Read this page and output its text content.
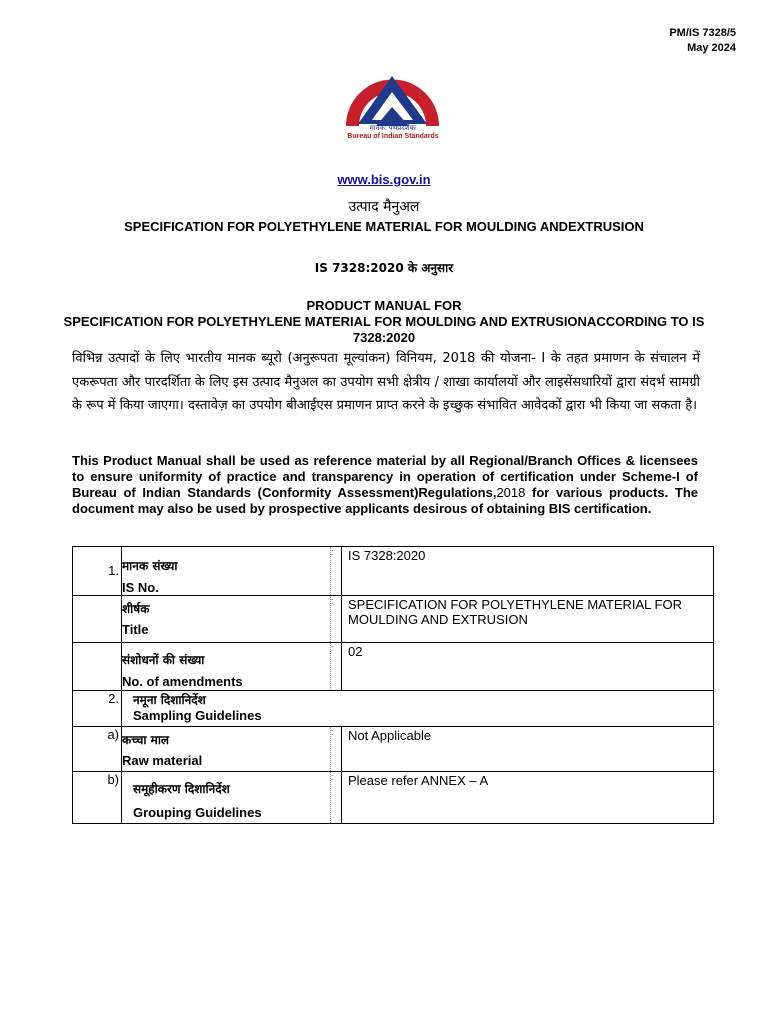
PM/IS 7328/5
May 2024
मानक: पथप्रदर्शकः
Bureau of Indian Standards
www.bis.gov.in
उत्पाद मैनुअल
SPECIFICATION FOR POLYETHYLENE MATERIAL FOR MOULDING ANDEXTRUSION
IS 7328:2020 के अनुसार
PRODUCT MANUAL FOR
SPECIFICATION FOR POLYETHYLENE MATERIAL FOR MOULDING AND EXTRUSIONACCORDING TO IS 7328:2020
विभिन्न उत्पादों के लिए भारतीय मानक ब्यूरो (अनुरूपता मूल्यांकन) विनियम, 2018 की योजना- I के तहत प्रमाणन के संचालन में एकरूपता और पारदर्शिता के लिए इस उत्पाद मैनुअल का उपयोग सभी क्षेत्रीय / शाखा कार्यालयों और लाइसेंसधारियों द्वारा संदर्भ सामग्री के रूप में किया जाएगा। दस्तावेज़ का उपयोग बीआईएस प्रमाणन प्राप्त करने के इच्छुक संभावित आवेदकों द्वारा भी किया जा सकता है।
This Product Manual shall be used as reference material by all Regional/Branch Offices & licensees to ensure uniformity of practice and transparency in operation of certification under Scheme-I of Bureau of Indian Standards (Conformity Assessment)Regulations,2018 for various products. The document may also be used by prospective applicants desirous of obtaining BIS certification.
1.	मानक संख्या
IS No.	:	IS 7328:2020

	शीर्षक
Title	:	SPECIFICATION FOR POLYETHYLENE MATERIAL FOR MOULDING AND EXTRUSION

	संशोधनों की संख्या
No. of amendments	:	02
2.	नमूना दिशानिर्देश
Sampling Guidelines		

a)	कच्चा माल
Raw material	:	Not Applicable
b)	समूहीकरण दिशानिर्देश
Grouping Guidelines	:	Please refer ANNEX – A
